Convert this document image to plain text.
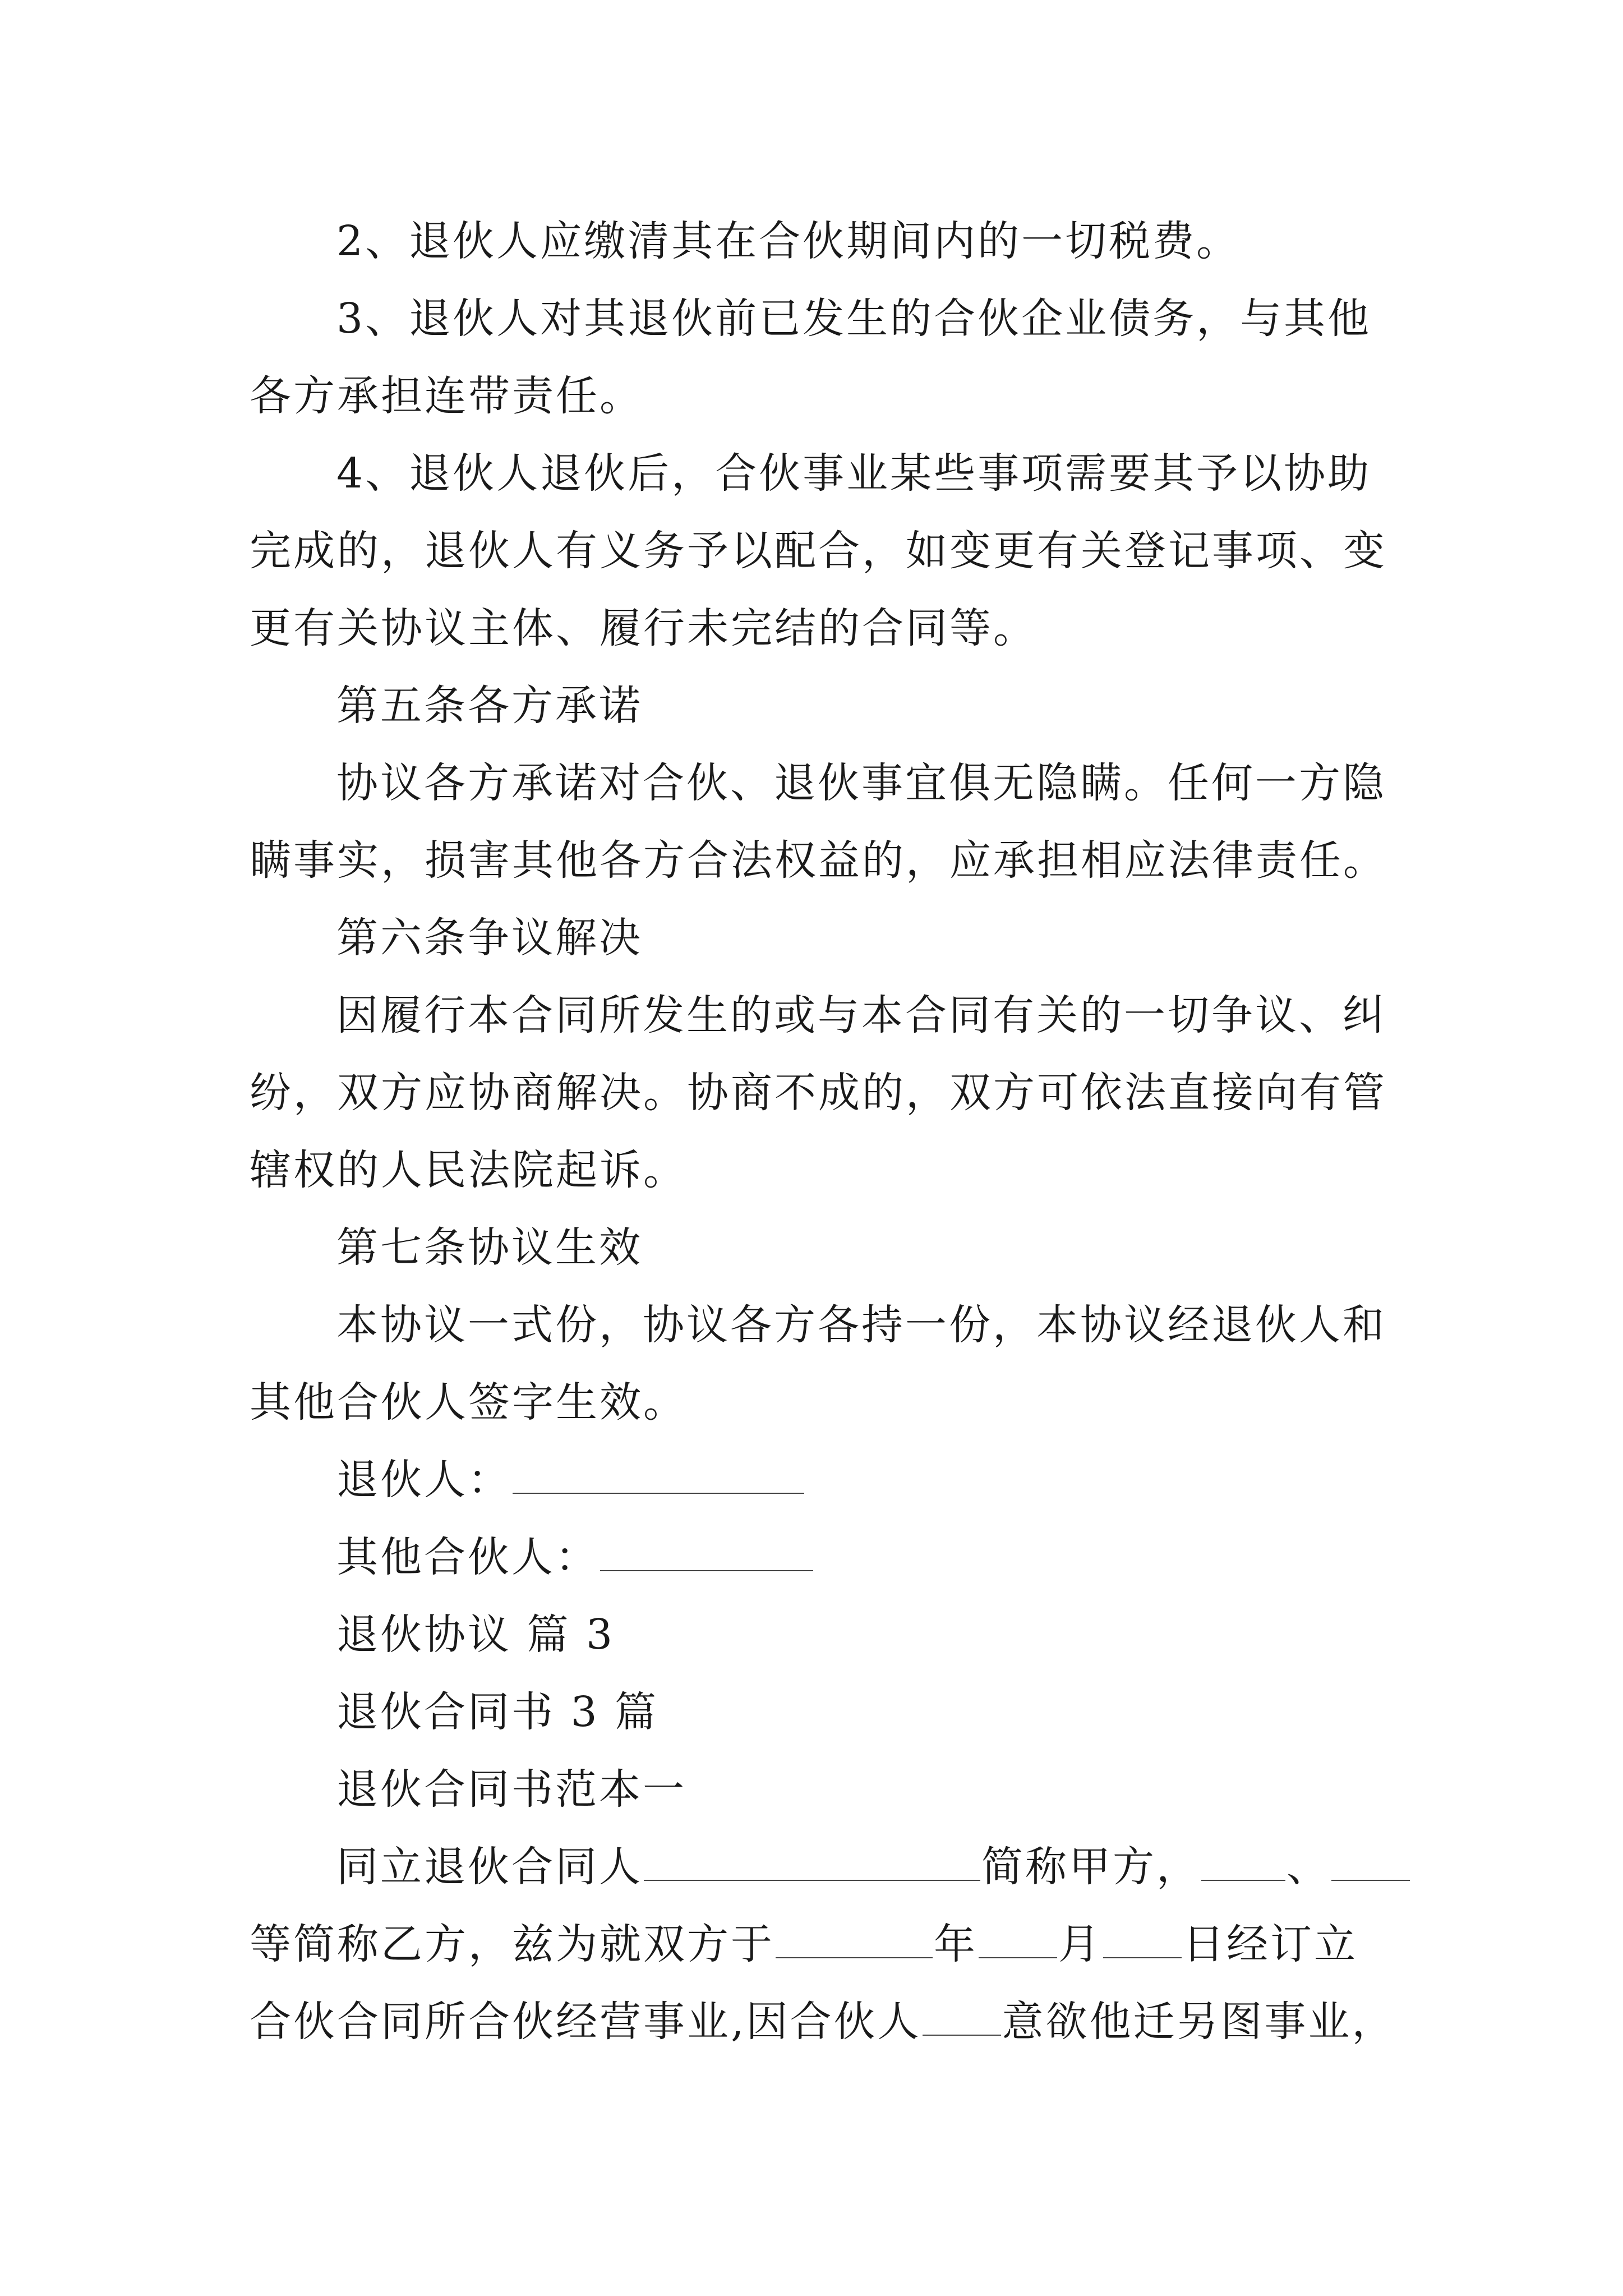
2、退伙人应缴清其在合伙期间内的一切税费。
3、退伙人对其退伙前已发生的合伙企业债务，与其他
各方承担连带责任。
4、退伙人退伙后，合伙事业某些事项需要其予以协助
完成的，退伙人有义务予以配合，如变更有关登记事项、变
更有关协议主体、履行未完结的合同等。
第五条各方承诺
协议各方承诺对合伙、退伙事宜俱无隐瞒。任何一方隐
瞒事实，损害其他各方合法权益的，应承担相应法律责任。
第六条争议解决
因履行本合同所发生的或与本合同有关的一切争议、纠
纷，双方应协商解决。协商不成的，双方可依法直接向有管
辖权的人民法院起诉。
第七条协议生效
本协议一式份，协议各方各持一份，本协议经退伙人和
其他合伙人签字生效。
退伙人：
其他合伙人：
退伙协议 篇 3
退伙合同书 3 篇
退伙合同书范本一
同立退伙合同人	简称甲方， 、
等简称乙方，兹为就双方于	年 月 日经订立
合伙合同所合伙经营事业,因合伙人 意欲他迁另图事业，
